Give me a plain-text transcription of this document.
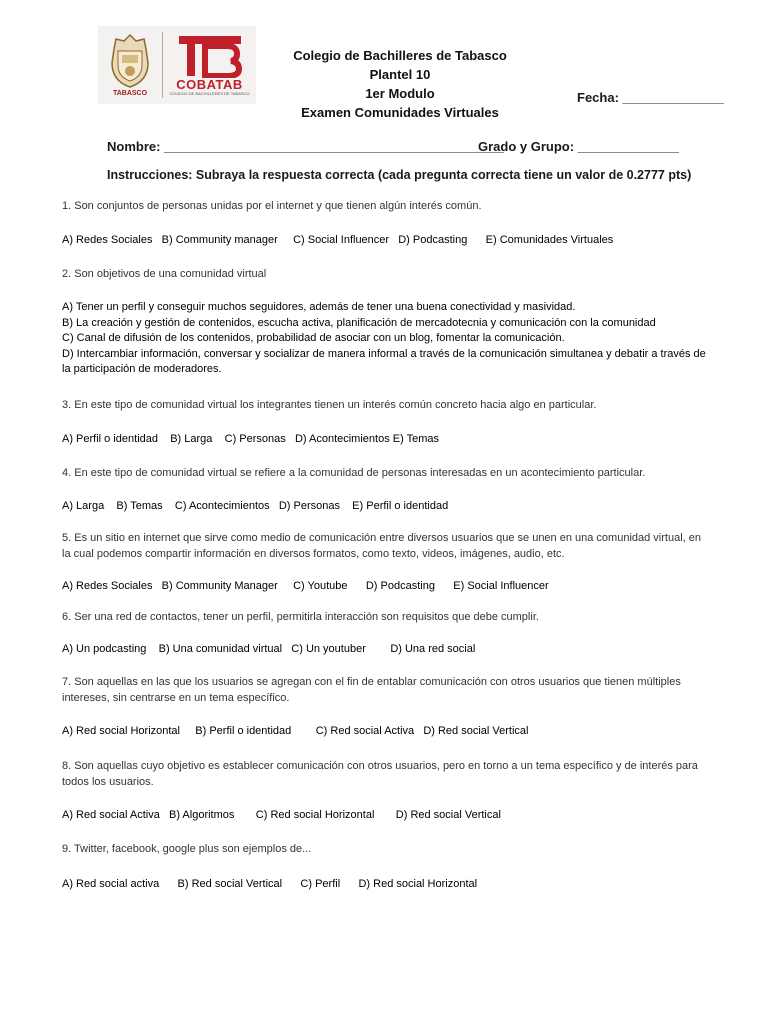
TABASCO
COBATAB
COLEGIO DE BACHILLERES DE TABASCO
Colegio de Bachilleres de Tabasco
Plantel 10
1er Modulo
Examen Comunidades Virtuales
Fecha: ______________
Nombre: _______________________________________________
Grado y Grupo: ______________
Instrucciones: Subraya la respuesta correcta (cada pregunta correcta tiene un valor de 0.2777 pts)
1. Son conjuntos de personas unidas por el internet y que tienen algún interés común.
A) Redes Sociales   B) Community manager     C) Social Influencer   D) Podcasting      E) Comunidades Virtuales
2. Son objetivos de una comunidad virtual
A) Tener un perfil y conseguir muchos seguidores, además de tener una buena conectividad y masividad.
B) La creación y gestión de contenidos, escucha activa, planificación de mercadotecnia y comunicación con la comunidad
C) Canal de difusión de los contenidos, probabilidad de asociar con un blog, fomentar la comunicación.
D) Intercambiar información, conversar y socializar de manera informal a través de la comunicación simultanea y debatir a través de la participación de moderadores.
3. En este tipo de comunidad virtual los integrantes tienen un interés común concreto hacia algo en particular.
A) Perfil o identidad    B) Larga    C) Personas   D) Acontecimientos E) Temas
4. En este tipo de comunidad virtual se refiere a la comunidad de personas interesadas en un acontecimiento particular.
A) Larga    B) Temas    C) Acontecimientos   D) Personas    E) Perfil o identidad
5. Es un sitio en internet que sirve como medio de comunicación entre diversos usuarios que se unen en una comunidad virtual, en la cual podemos compartir información en diversos formatos, como texto, videos, imágenes, audio, etc.
A) Redes Sociales   B) Community Manager     C) Youtube      D) Podcasting      E) Social Influencer
6. Ser una red de contactos, tener un perfil, permitirla interacción son requisitos que debe cumplir.
A) Un podcasting    B) Una comunidad virtual   C) Un youtuber        D) Una red social
7. Son aquellas en las que los usuarios se agregan con el fin de entablar comunicación con otros usuarios que tienen múltiples intereses, sin centrarse en un tema específico.
A) Red social Horizontal     B) Perfil o identidad        C) Red social Activa   D) Red social Vertical
8. Son aquellas cuyo objetivo es establecer comunicación con otros usuarios, pero en torno a un tema específico y de interés para todos los usuarios.
A) Red social Activa   B) Algoritmos       C) Red social Horizontal       D) Red social Vertical
9. Twitter, facebook, google plus son ejemplos de...
A) Red social activa      B) Red social Vertical      C) Perfil      D) Red social Horizontal
